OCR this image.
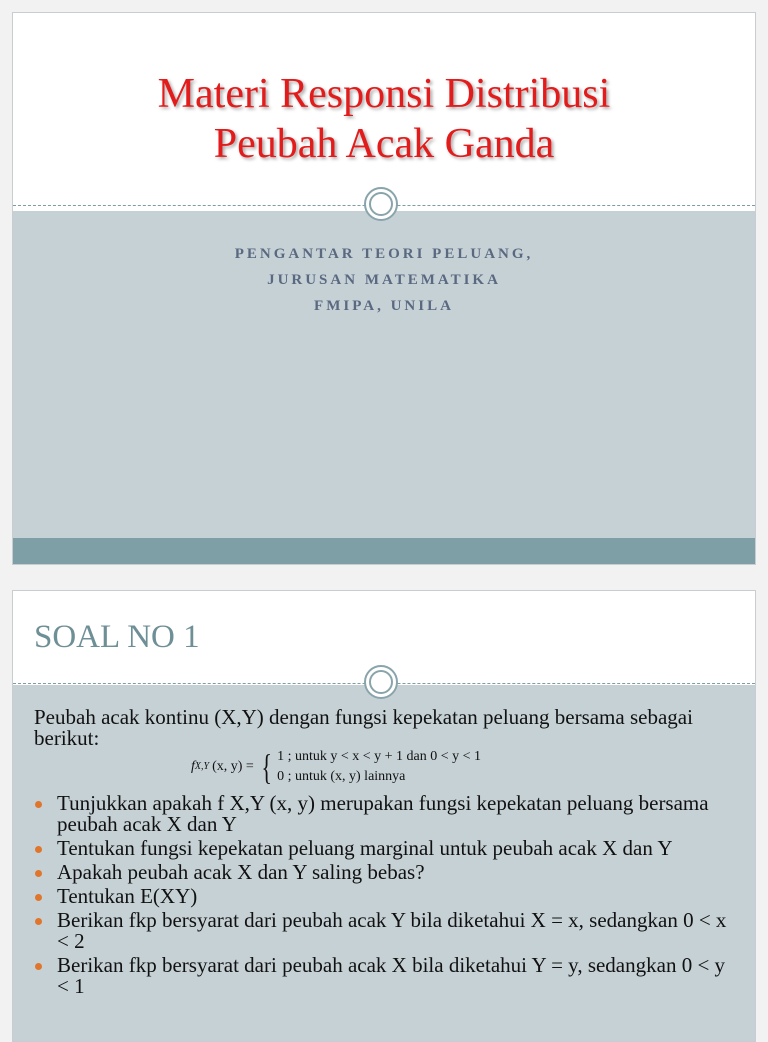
Materi Responsi Distribusi
Peubah Acak Ganda
PENGANTAR TEORI PELUANG,
JURUSAN MATEMATIKA
FMIPA, UNILA
SOAL NO 1
Peubah acak kontinu (X,Y) dengan fungsi kepekatan peluang bersama sebagai berikut:
f X,Y (x, y) = { 1 ; untuk y < x < y + 1 dan 0 < y < 1
0 ; untuk (x, y) lainnya
Tunjukkan apakah f X,Y (x, y) merupakan fungsi kepekatan peluang bersama peubah acak X dan Y
Tentukan fungsi kepekatan peluang marginal untuk peubah acak X dan Y
Apakah peubah acak X dan Y saling bebas?
Tentukan E(XY)
Berikan fkp bersyarat dari peubah acak Y bila diketahui X = x, sedangkan 0 < x < 2
Berikan fkp bersyarat dari peubah acak X bila diketahui Y = y, sedangkan 0 < y < 1
